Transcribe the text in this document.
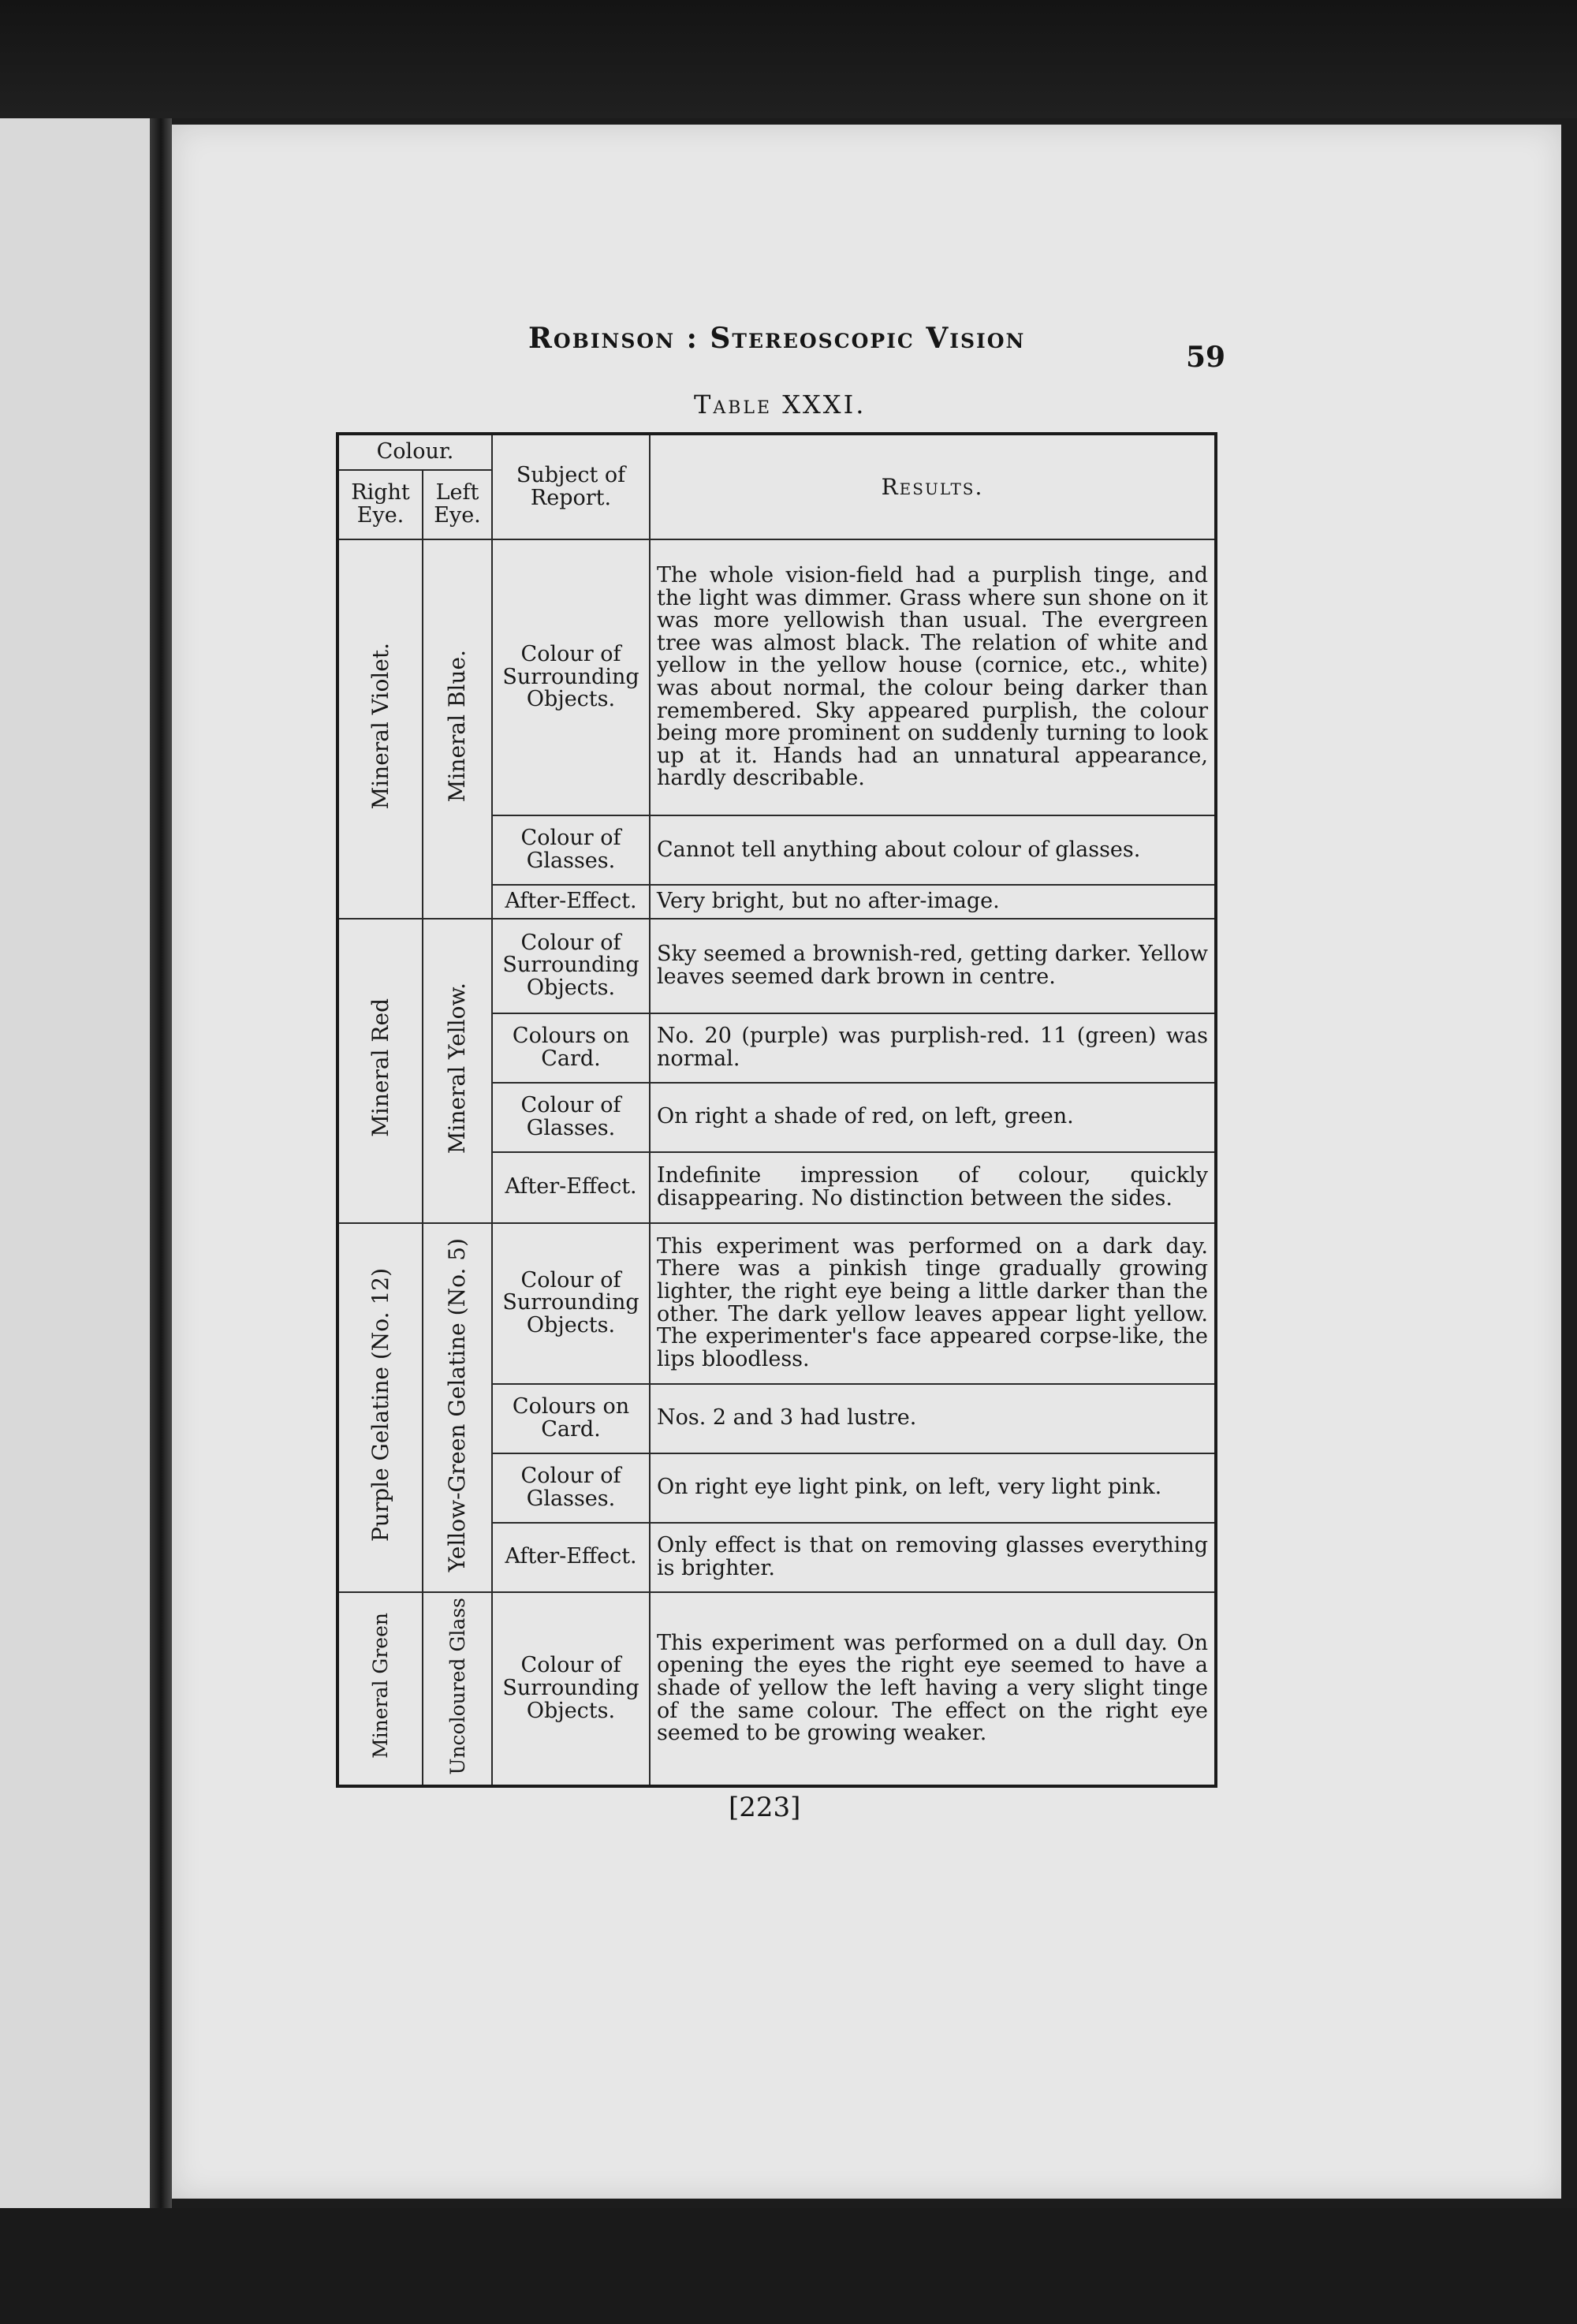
Robinson : Stereoscopic Vision
59
Table XXXI.
Colour.		Subject of Report.	Results.
Right Eye.	Left Eye.		
Mineral Violet.	Mineral Blue.	Colour of Surrounding Objects.	The whole vision-field had a purplish tinge, and the light was dimmer. Grass where sun shone on it was more yellowish than usual. The evergreen tree was almost black. The relation of white and yellow in the yellow house (cornice, etc., white) was about normal, the colour being darker than remembered. Sky appeared purplish, the colour being more prominent on suddenly turning to look up at it. Hands had an unnatural appearance, hardly describable.
		Colour of Glasses.	Cannot tell anything about colour of glasses.
		After-Effect.	Very bright, but no after-image.
Mineral Red	Mineral Yellow.	Colour of Surrounding Objects.	Sky seemed a brownish-red, getting darker. Yellow leaves seemed dark brown in centre.
		Colours on Card.	No. 20 (purple) was purplish-red. 11 (green) was normal.
		Colour of Glasses.	On right a shade of red, on left, green.
		After-Effect.	Indefinite impression of colour, quickly disappearing. No distinction between the sides.
Purple Gelatine (No. 12)	Yellow-Green Gelatine (No. 5)	Colour of Surrounding Objects.	This experiment was performed on a dark day. There was a pinkish tinge gradually growing lighter, the right eye being a little darker than the other. The dark yellow leaves appear light yellow. The experimenter's face appeared corpse-like, the lips bloodless.
		Colours on Card.	Nos. 2 and 3 had lustre.
		Colour of Glasses.	On right eye light pink, on left, very light pink.
		After-Effect.	Only effect is that on removing glasses everything is brighter.
Mineral Green	Uncoloured Glass	Colour of Surrounding Objects.	This experiment was performed on a dull day. On opening the eyes the right eye seemed to have a shade of yellow the left having a very slight tinge of the same colour. The effect on the right eye seemed to be growing weaker.
[223]
